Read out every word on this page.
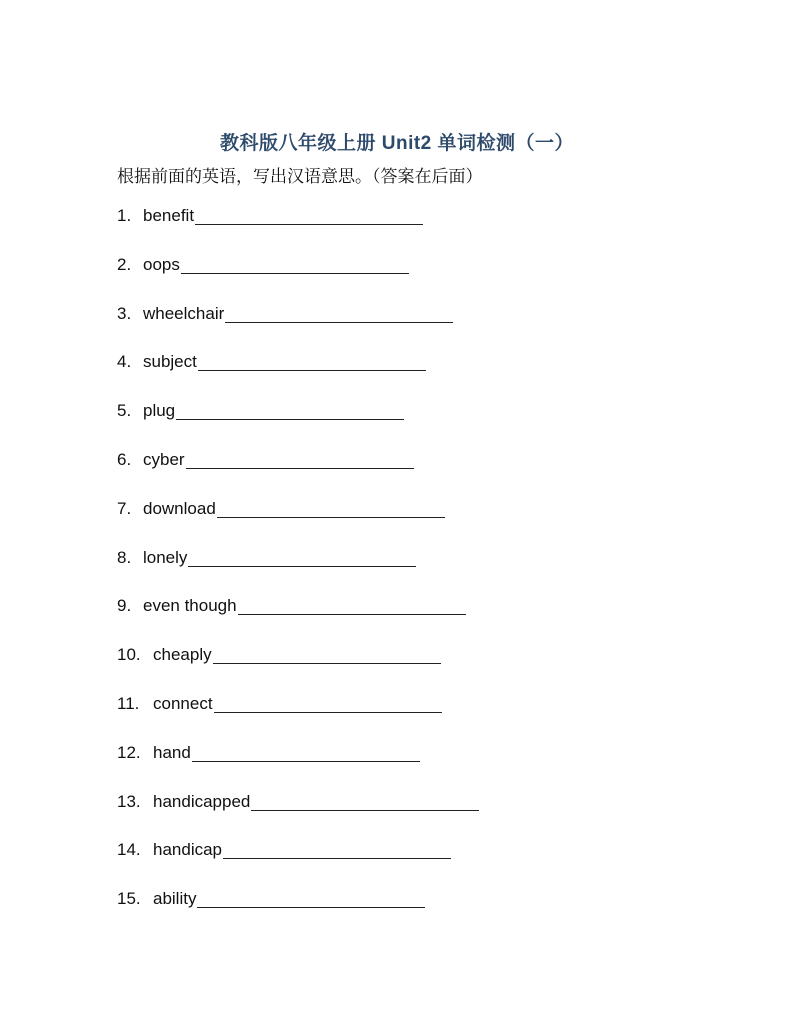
教科版八年级上册 Unit2 单词检测（一）
根据前面的英语，写出汉语意思。（答案在后面）
1. benefit
2. oops
3. wheelchair
4. subject
5. plug
6. cyber
7. download
8. lonely
9. even though
10. cheaply
11. connect
12. hand
13. handicapped
14. handicap
15. ability
